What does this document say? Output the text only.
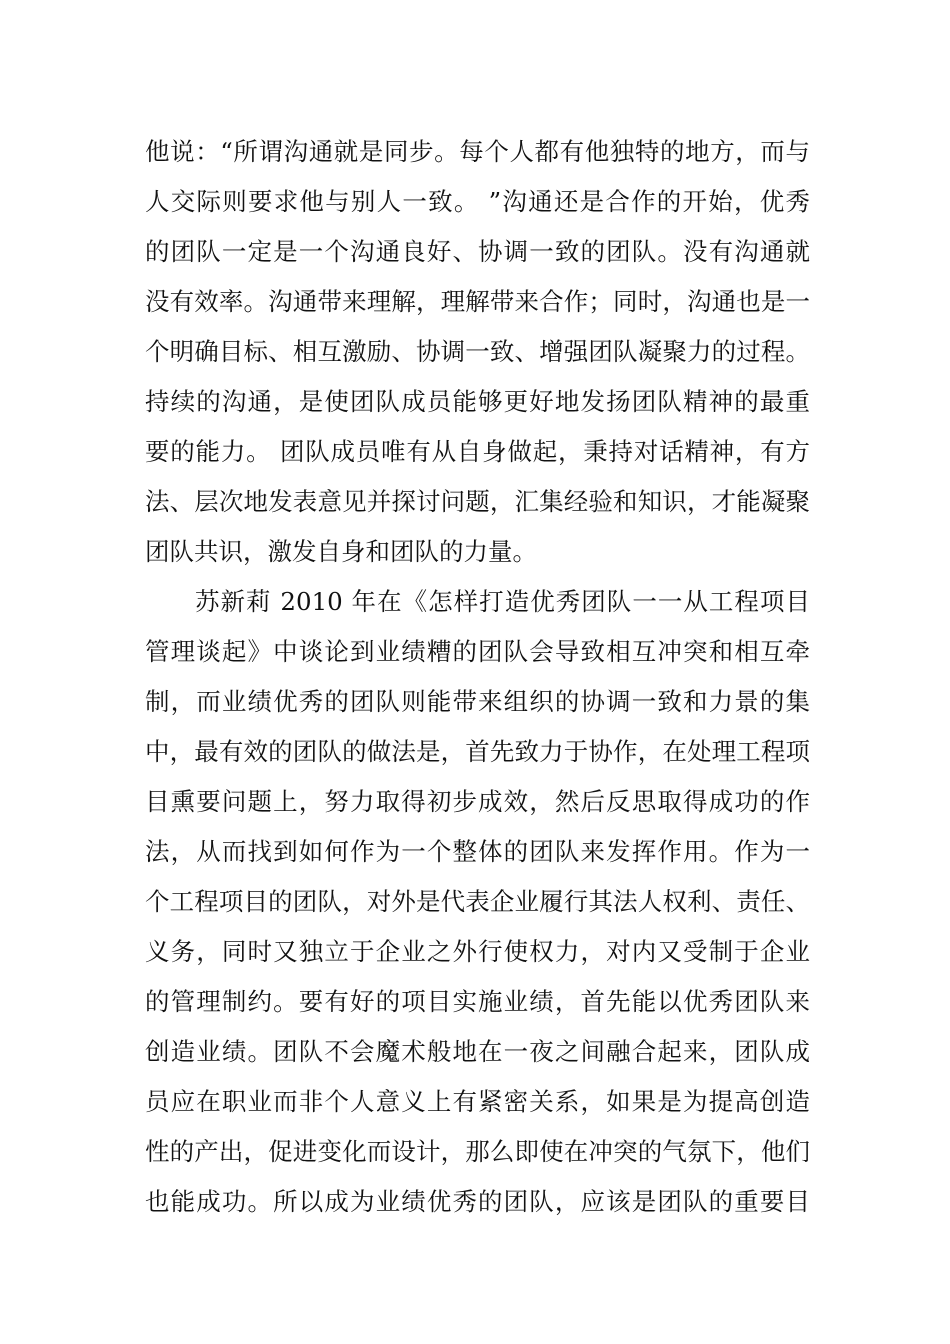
他说：“所谓沟通就是同步。每个人都有他独特的地方，而与
人交际则要求他与别人一致。 ”沟通还是合作的开始，优秀
的团队一定是一个沟通良好、协调一致的团队。没有沟通就
没有效率。沟通带来理解，理解带来合作；同时，沟通也是一
个明确目标、相互激励、协调一致、增强团队凝聚力的过程。
持续的沟通，是使团队成员能够更好地发扬团队精神的最重
要的能力。 团队成员唯有从自身做起，秉持对话精神，有方
法、层次地发表意见并探讨问题，汇集经验和知识，才能凝聚
团队共识，激发自身和团队的力量。
苏新莉 2010 年在《怎样打造优秀团队一一从工程项目
管理谈起》中谈论到业绩糟的团队会导致相互冲突和相互牵
制，而业绩优秀的团队则能带来组织的协调一致和力景的集
中，最有效的团队的做法是，首先致力于协作，在处理工程项
目熏要问题上，努力取得初步成效，然后反思取得成功的作
法，从而找到如何作为一个整体的团队来发挥作用。作为一
个工程项目的团队，对外是代表企业履行其法人权利、责任、
义务，同时又独立于企业之外行使权力，对内又受制于企业
的管理制约。要有好的项目实施业绩，首先能以优秀团队来
创造业绩。团队不会魔术般地在一夜之间融合起来，团队成
员应在职业而非个人意义上有紧密关系，如果是为提高创造
性的产出，促进变化而设计，那么即使在冲突的气氛下，他们
也能成功。所以成为业绩优秀的团队，应该是团队的重要目
